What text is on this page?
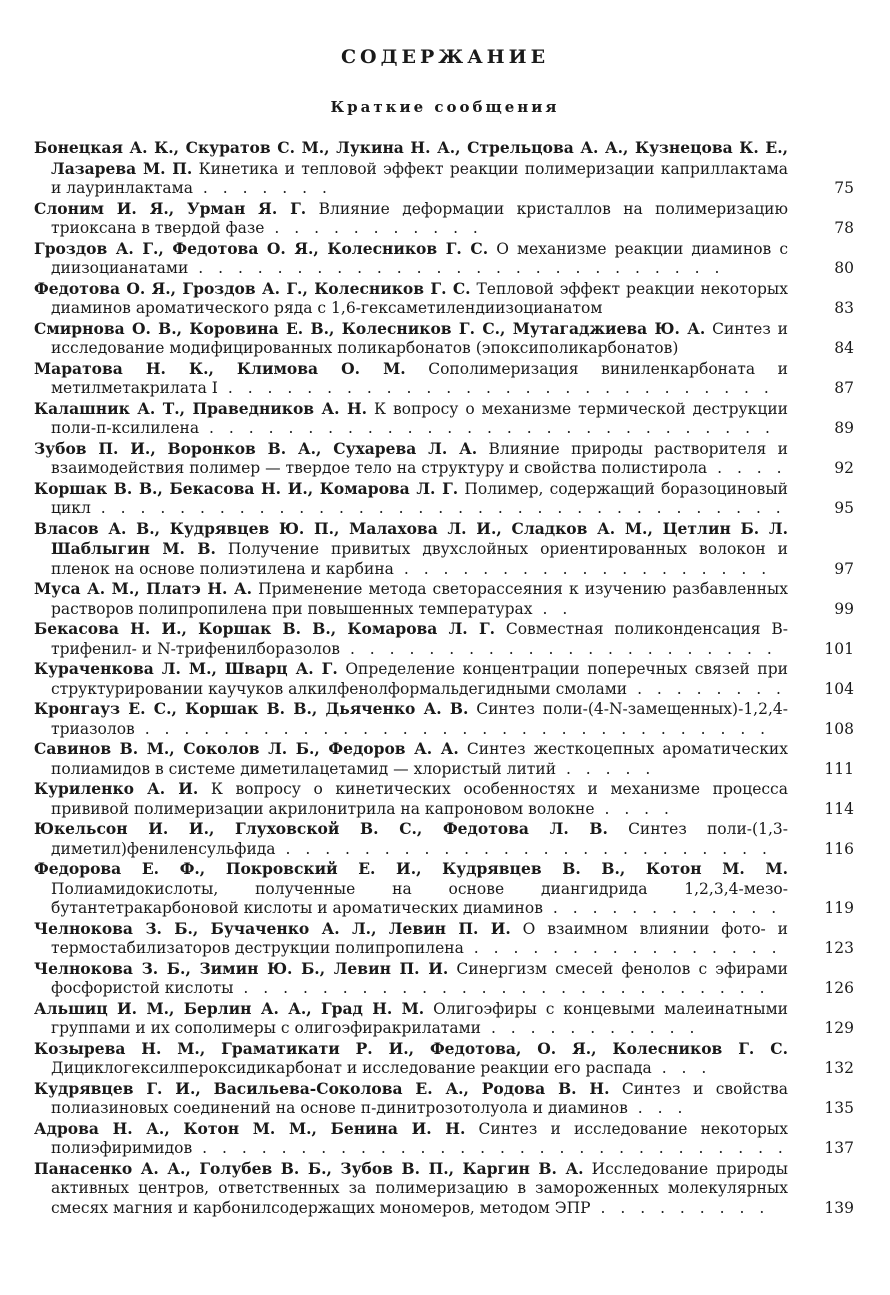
СОДЕРЖАНИЕ
Краткие сообщения
Бонецкая А. К., Скуратов С. М., Лукина Н. А., Стрельцова А. А., Кузнецова К. Е., Лазарева М. П. Кинетика и тепловой эффект реакции полимеризации каприллактама и лауринлактама . . . . . . .	75
Слоним И. Я., Урман Я. Г. Влияние деформации кристаллов на полимеризацию триоксана в твердой фазе . . . . . . . . . . .	78
Гроздов А. Г., Федотова О. Я., Колесников Г. С. О механизме реакции диаминов с диизоцианатами . . . . . . . . . . . . . . . . . . . . . . . . . . .	80
Федотова О. Я., Гроздов А. Г., Колесников Г. С. Тепловой эффект реакции некоторых диаминов ароматического ряда с 1,6-гексаметилендиизоцианатом	83
Смирнова О. В., Коровина Е. В., Колесников Г. С., Мутагаджиева Ю. А. Синтез и исследование модифицированных поликарбонатов (эпоксиполикарбонатов)	84
Маратова Н. К., Климова О. М. Сополимеризация виниленкарбоната и метилметакрилата I . . . . . . . . . . . . . . . . . . . . . . . . . . . .	87
Калашник А. Т., Праведников А. Н. К вопросу о механизме термической деструкции поли-п-ксилилена . . . . . . . . . . . . . . . . . . . . . . . . . . . . .	89
Зубов П. И., Воронков В. А., Сухарева Л. А. Влияние природы растворителя и взаимодействия полимер — твердое тело на структуру и свойства полистирола . . . .	92
Коршак В. В., Бекасова Н. И., Комарова Л. Г. Полимер, содержащий боразоциновый цикл . . . . . . . . . . . . . . . . . . . . . . . . . . . . . . . . . . .	95
Власов А. В., Кудрявцев Ю. П., Малахова Л. И., Сладков А. М., Цетлин Б. Л. Шаблыгин М. В. Получение привитых двухслойных ориентированных волокон и пленок на основе полиэтилена и карбина . . . . . . . . . . . . . . . . . . .	97
Муса А. М., Платэ Н. А. Применение метода светорассеяния к изучению разбавленных растворов полипропилена при повышенных температурах . .	99
Бекасова Н. И., Коршак В. В., Комарова Л. Г. Совместная поликонденсация В-трифенил- и N-трифенилборазолов . . . . . . . . . . . . . . . . . . . . . .	101
Курачeнкова Л. М., Шварц А. Г. Определение концентрации поперечных связей при структурировании каучуков алкилфенолформальдегидными смолами . . . . . . . .	104
Кронгауз Е. С., Коршак В. В., Дьяченко А. В. Синтез поли-(4-N-замещенных)-1,2,4-триазолов . . . . . . . . . . . . . . . . . . . . . . . . . . . . . . . .	108
Савинов В. М., Соколов Л. Б., Федоров А. А. Синтез жесткоцепных ароматических полиамидов в системе диметилацетамид — хлористый литий . . . . .	111
Куриленко А. И. К вопросу о кинетических особенностях и механизме процесса прививой полимеризации акрилонитрила на капроновом волокне . . . .	114
Юкельсон И. И., Глуховской В. С., Федотова Л. В. Синтез поли-(1,3-диметил)фениленсульфида . . . . . . . . . . . . . . . . . . . . . . . . .	116
Федорова Е. Ф., Покровский Е. И., Кудрявцев В. В., Котон М. М. Полиамидокислоты, полученные на основе диангидрида 1,2,3,4-мезо-бутантетракарбоновой кислоты и ароматических диаминов . . . . . . . . . . . .	119
Челнокова З. Б., Бучаченко А. Л., Левин П. И. О взаимном влиянии фото- и термостабилизаторов деструкции полипропилена . . . . . . . . . . . . . . . .	123
Челнокова З. Б., Зимин Ю. Б., Левин П. И. Синергизм смесей фенолов с эфирами фосфористой кислоты . . . . . . . . . . . . . . . . . . . . . . . . . . .	126
Альшиц И. М., Берлин А. А., Град Н. М. Олигоэфиры с концевыми малеинатными группами и их сополимеры с олигоэфиракрилатами . . . . . . . . . . .	129
Козырева Н. М., Граматикати Р. И., Федотова, О. Я., Колесников Г. С. Дициклогексилпероксидикарбонат и исследование реакции его распада . . .	132
Кудрявцев Г. И., Васильева-Соколова Е. А., Родова В. Н. Синтез и свойства полиазиновых соединений на основе п-динитрозотолуола и диаминов . . .	135
Адрова Н. А., Котон М. М., Бенина И. Н. Синтез и исследование некоторых полиэфиримидов . . . . . . . . . . . . . . . . . . . . . . . . . . . . . .	137
Панасенко А. А., Голубев В. Б., Зубов В. П., Каргин В. А. Исследование природы активных центров, ответственных за полимеризацию в замороженных молекулярных смесях магния и карбонилсодержащих мономеров, методом ЭПР . . . . . . . . .	139
